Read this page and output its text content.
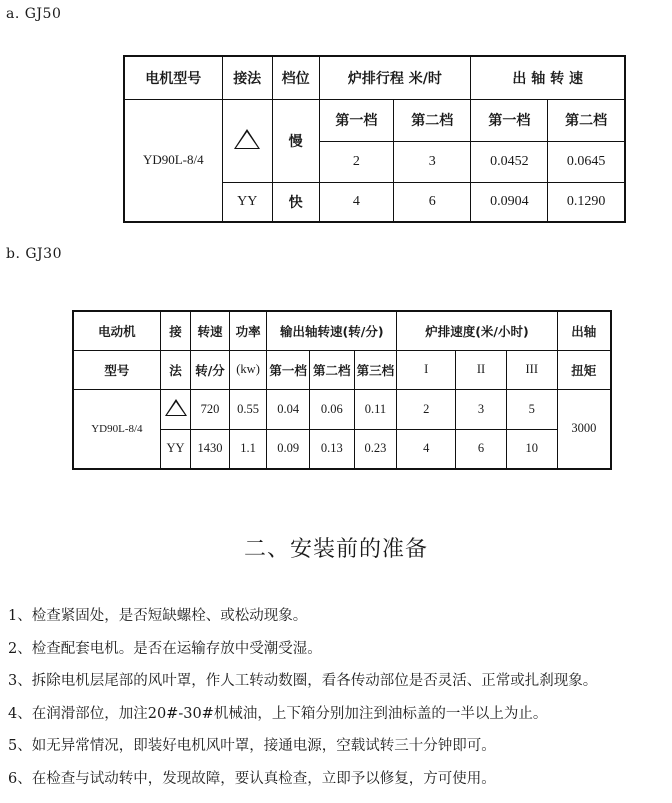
a. GJ50
电机型号	接法	档位	炉排行程 米/时		出 轴 转 速	
YD90L-8/4		慢	第一档	第二档	第一档	第二档
			2	3	0.0452	0.0645
	YY	快	4	6	0.0904	0.1290
b. GJ30
电动机	接	转速	功率	输出轴转速(转/分)			炉排速度(米/小时)			出轴
型号	法	转/分	(kw)	第一档	第二档	第三档	I	II	III	扭矩
YD90L-8/4		720	0.55	0.04	0.06	0.11	2	3	5	3000
	YY	1430	1.1	0.09	0.13	0.23	4	6	10	
二、安装前的准备
1、检查紧固处，是否短缺螺栓、或松动现象。
2、检查配套电机。是否在运输存放中受潮受湿。
3、拆除电机层尾部的风叶罩，作人工转动数圈，看各传动部位是否灵活、正常或扎刹现象。
4、在润滑部位，加注20#-30#机械油，上下箱分别加注到油标盖的一半以上为止。
5、如无异常情况，即装好电机风叶罩，接通电源，空载试转三十分钟即可。
6、在检查与试动转中，发现故障，要认真检查，立即予以修复，方可使用。
